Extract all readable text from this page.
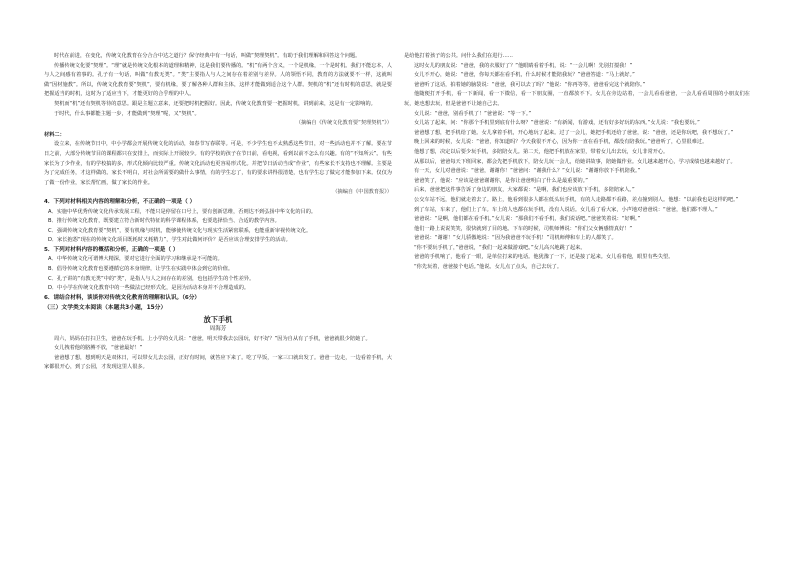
时代在前进，在变化，传统文化教育在分合合中达之道行？保守经典中有一句话，叫做“契理契机”。有助于我们理解和回答这个问题。

传播传统文化要“契理”。“理”就是传统文化根本的道理和精神，这是我们要传播的。“机”有两个含义，一个是机缘，一个是时机。我们不能忘本，人与人之间感有着事的。孔子有一句话，叫做“有教无类”。“类”主要指人与人之间存在着差别与差异。人的领悟不同，教育的方法就要不一样，这就叫做“因材施教”。所以，传统文化教育要“契机”，要有机缘，要了解各种人群和主体，这样才能做到适合这个人群。契机的“机”还有时机的意思，就是要把握适当的时机，这时为了适应当下，才能更好的合乎理的中人。

契机而“机”还有契机等待的意思。跟是主题立意来，还要把时机把握好。因此，传统文化教育要一把握时机，讲到前来，这是有一定影响的。

于时代，什么事都能主题一步，才能做到“契理”呢，又“契机”。

（摘编自《传统文化教育要“契理契机”》）

材料二：

设立来，在传统节日中，中小学都会开展传统文化的活动，如春节写春联等。可是，不少学生也不太熟悉这些节日，对一些活动也并不了解。要在节日之前，大部分传统节目的课程都只在安排上，而实际上开展较少。有的学校的孩子在节日前，看电视，看到以前不怎么有兴趣。有的“不知所云”。有些家长为了少作业，有的学校搞的多，形式化倾向比较严重。传统文化活动也更容易形式化。并把节日活动当成“作业”，有些家长不支持也不理解。主要是为了完成任务，才这样做的。家长不明白，对社会所需要的做什么事情，有的学生忘了，有的要求讲得很清楚，也有学生忘了做完才能参加下来。仅仅为了做一份作业，家长帮忙画，做了家长的作业。

（摘编自《中国教育报》）

4．下列对材料相关内容的理解和分析，不正确的一项是（ ）

A．实施中华优秀传统文化传承发展工程，不能只是停留在口号上，要有创新思维，否则达不到弘扬中华文化的目的。

B．推行传统文化教育，既要建立符合新时代特征的科学课程体系，也要选择恰当、合适的教学内容。

C．强调传统文化教育要“契机”，要有机缘与时机，能够使传统文化与现实生活紧密联系，也能重新审视传统文化。

D．家长抱怨“现在的传统文化项目既耗时又耗精力”，学生对此做何评价？是否应该合理安排学生的活动。

5．下列对材料内容的概括和分析，正确的一项是（ ）

A．中华传统文化可谓博大精深，要对它进行全面的学习和继承是不可能的。

B．倡导传统文化教育也要遵循它的本身规律，让学生在实践中体会到它的价值。

C．孔子讲的“有教无类”中的“类”，是指人与人之间存在的差别，也包括学生的个性差异。

D．中小学在传统文化教育中的一些做法已经形式化，是因为活动本身并不合理造成的。

6．请结合材料，谈谈你对传统文化教育的理解和认识。（6分）

（三）文学类文本阅读（本题共3小题，15分）

放下手机

周海芳

周六，妈妈在打扫卫生，爸爸在玩手机。上小学的女儿说：“爸爸，明天带我去公园玩，好不好？”因为自从有了手机，爸爸就很少陪她了。

女儿拽着他的胳膊不放，“爸爸最好！”

爸爸想了想，想到明天是双休日，可以带女儿去公园，正好有时间，就答应下来了。吃了早饭，一家三口就出发了。爸爸一边走，一边看着手机，大家都很开心，到了公园，才发现这里人很多。

是给他打着孩子的公共。问什么我们在进行……

这时女儿的朋友说：“爸爸，我的衣服好了？”他眼睛看着手机，说：“一会儿啊！先别打搅我！”

女儿不开心，她说：“爸爸，你每天都在看手机，什么时候才能陪我玩？”爸爸答道：“马上就好。”

爸爸听了这话，拍着她的脑袋说：“爸爸，我可以去了吗？”他说：“你再等等，爸爸看完这个就陪你。”

他随便打开手机，看一下新闻，看一下微信，看一下朋友圈，一直都放不下。女儿在旁边站着，一会儿看看爸爸，一会儿看看周围的小朋友们在玩，她也想去玩，但是爸爸不让她自己去。

女儿说：“爸爸，别看手机了！”爸爸说：“等一下。”

女儿站了起来，问：“你那个手机里到底有什么呀？”爸爸说：“有新闻，有游戏，还有好多好玩的东西。”女儿说：“我也要玩。”

爸爸想了想，把手机给了她。女儿拿着手机，开心地玩了起来。过了一会儿，她把手机还给了爸爸，说：“爸爸，还是你玩吧，我不想玩了。”

晚上回来的时候，女儿说：“爸爸，你知道吗？今天我很不开心，因为你一直在看手机，都没有陪我玩。”爸爸听了，心里很难过。

他想了想，决定以后要少玩手机，多陪陪女儿。第二天，他把手机放在家里，带着女儿出去玩，女儿非常开心。

从那以后，爸爸每天下班回家，都会先把手机放下，陪女儿玩一会儿，给她讲故事，陪她做作业。女儿越来越开心，学习成绩也越来越好了。

有一天，女儿对爸爸说：“爸爸，谢谢你！”爸爸问：“谢我什么？”女儿说：“谢谢你放下手机陪我。”

爸爸笑了，他说：“应该是爸爸谢谢你，是你让爸爸明白了什么是最重要的。”

后来，爸爸把这件事告诉了身边的朋友，大家都说：“是啊，我们也应该放下手机，多陪陪家人。”

公交车站不远，他们就走着去了。路上，他看到很多人都在低头玩手机，有的人走路都不看路，差点撞到别人。他想：“以前我也是这样的吧。”

到了车站，车来了，他们上了车。车上的人也都在玩手机，没有人说话。女儿看了看大家，小声地对爸爸说：“爸爸，他们都不理人。”

爸爸说：“是啊，他们都在看手机。”女儿说：“那我们不看手机，我们说话吧。”爸爸笑着说：“好啊。”

他们一路上说说笑笑，很快就到了目的地。下车的时候，司机师傅说：“你们父女俩感情真好！”

爸爸说：“谢谢！”女儿骄傲地说：“因为我爸爸不玩手机！”司机师傅和车上的人都笑了。

“你不要玩手机了，”爸爸说，“我们一起来做游戏吧。”女儿高兴地跳了起来。

爸爸的手机响了，他看了一眼，是单位打来的电话。他犹豫了一下，还是接了起来。女儿看着他，眼里有些失望。

“你先玩着，爸爸接个电话。”他说。女儿点了点头，自己去玩了。
